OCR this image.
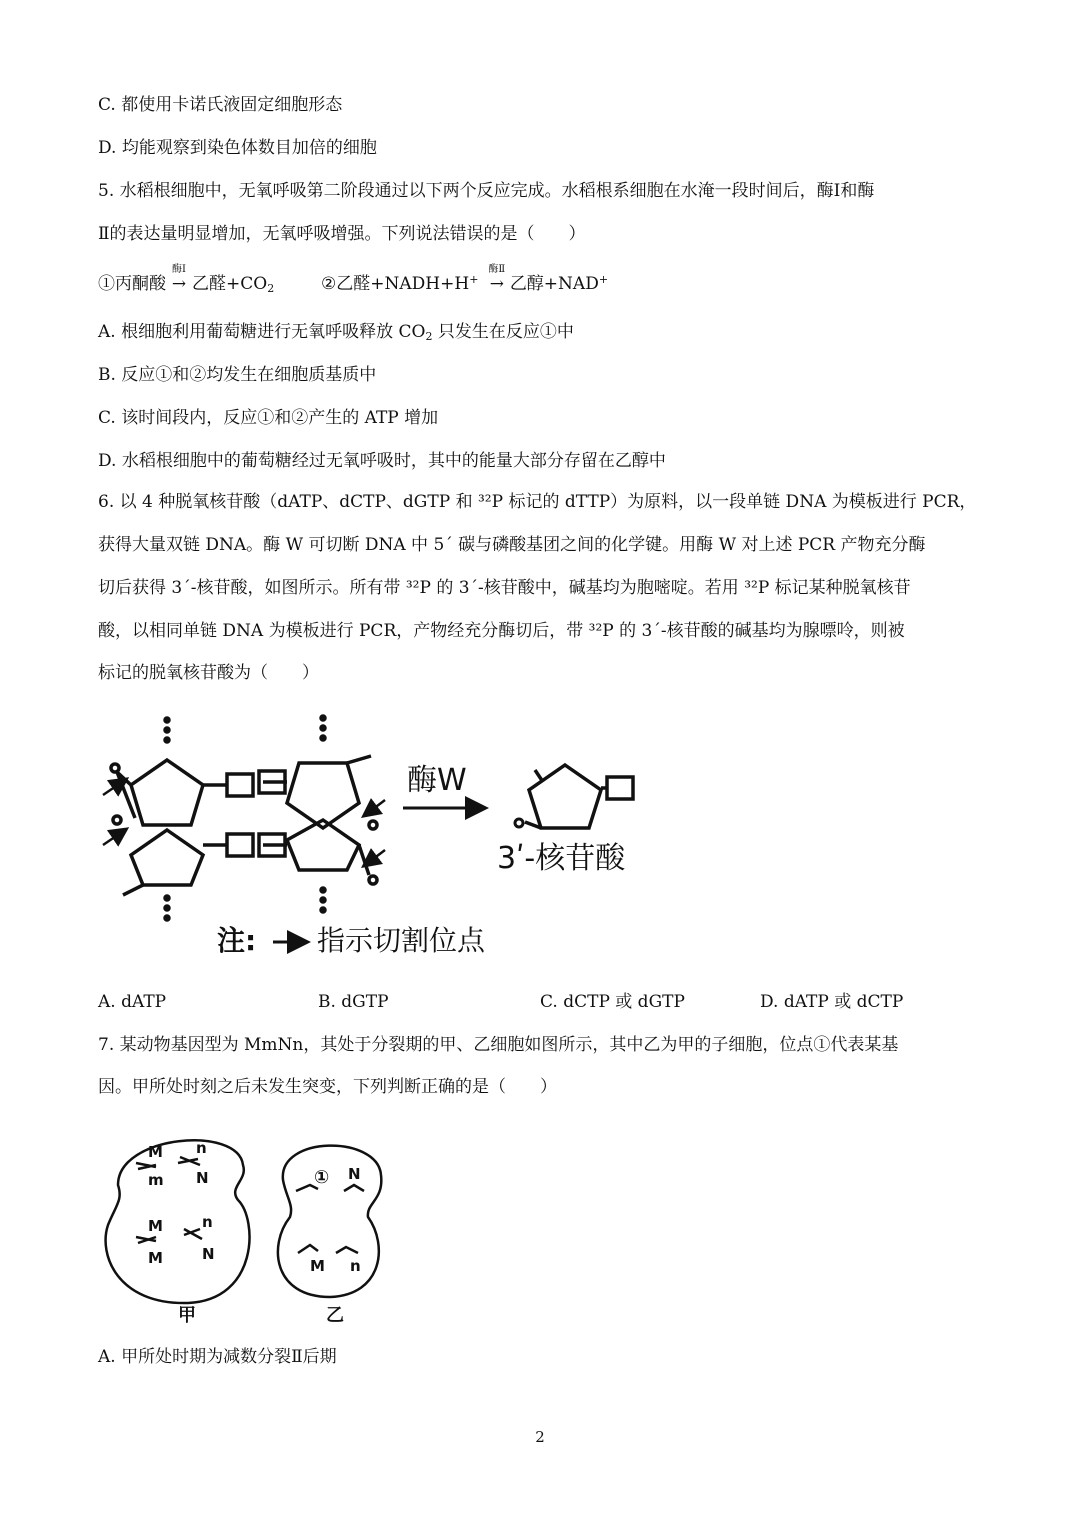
C. 都使用卡诺氏液固定细胞形态
D. 均能观察到染色体数目加倍的细胞
5. 水稻根细胞中，无氧呼吸第二阶段通过以下两个反应完成。水稻根系细胞在水淹一段时间后，酶Ⅰ和酶
Ⅱ的表达量明显增加，无氧呼吸增强。下列说法错误的是（　　）
①丙酮酸
酶Ⅰ
→ 乙醛$+CO_2$	②乙醛+NADH+H+
酶Ⅱ
→ 乙醇+NAD+
A. 根细胞利用葡萄糖进行无氧呼吸释放 $CO_2$ 只发生在反应①中
B. 反应①和②均发生在细胞质基质中
C. 该时间段内，反应①和②产生的 ATP 增加
D. 水稻根细胞中的葡萄糖经过无氧呼吸时，其中的能量大部分存留在乙醇中
6. 以 4 种脱氧核苷酸（dATP、dCTP、dGTP 和 ³²P 标记的 dTTP）为原料，以一段单链 DNA 为模板进行 PCR，
获得大量双链 DNA。酶 W 可切断 DNA 中 5´ 碳与磷酸基团之间的化学键。用酶 W 对上述 PCR 产物充分酶
切后获得 3´-核苷酸，如图所示。所有带 ³²P 的 3´-核苷酸中，碱基均为胞嘧啶。若用 ³²P 标记某种脱氧核苷
酸，以相同单链 DNA 为模板进行 PCR，产物经充分酶切后，带 ³²P 的 3´-核苷酸的碱基均为腺嘌呤，则被
标记的脱氧核苷酸为（　　）
酶W
3ʹ-核苷酸
注: 指示切割位点
A. dATP	B. dGTP	C. dCTP 或 dGTP	D. dATP 或 dCTP
7. 某动物基因型为 MmNn，其处于分裂期的甲、乙细胞如图所示，其中乙为甲的子细胞，位点①代表某基
因。甲所处时刻之后未发生突变，下列判断正确的是（　　）
M
m
n
N
M
M
n
N
① N
M n
甲	乙
A. 甲所处时期为减数分裂Ⅱ后期
2
